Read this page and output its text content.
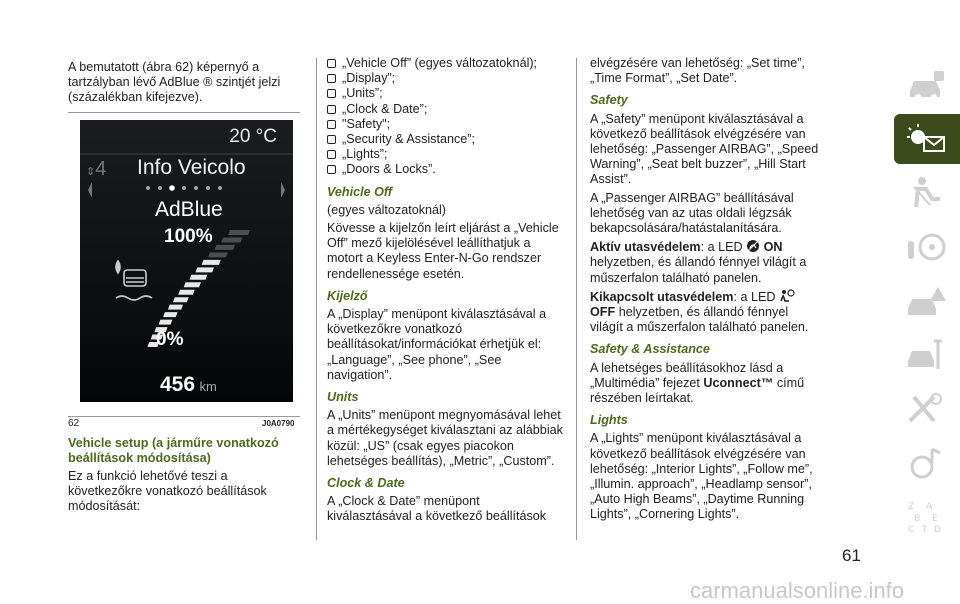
A bemutatott (ábra 62) képernyő a tartzályban lévő AdBlue ® szintjét jelzi (százalékban kifejezve).

20 °C
⇕4 Info Veicolo
AdBlue
100%
0%
456 km
62	J0A0790
Vehicle setup (a járműre vonatkozó beállítások módosítása)

Ez a funkció lehetővé teszi a következőkre vonatkozó beállítások módosítását:

„Vehicle Off” (egyes változatoknál);
„Display”;
„Units”;
„Clock & Date”;
"Safety";
„Security & Assistance”;
„Lights”;
„Doors & Locks”.
Vehicle Off

(egyes változatoknál)

Kövesse a kijelzőn leírt eljárást a „Vehicle Off” mező kijelölésével leállíthatjuk a motort a Keyless Enter-N-Go rendszer rendellenessége esetén.

Kijelző

A „Display” menüpont kiválasztásával a következőkre vonatkozó beállításokat/információkat érhetjük el: „Language”, „See phone”, „See navigation”.

Units

A „Units” menüpont megnyomásával lehet a mértékegységet kiválasztani az alábbiak közül: „US” (csak egyes piacokon lehetséges beállítás), „Metric”, „Custom”.

Clock & Date

A „Clock & Date” menüpont kiválasztásával a következő beállítások

elvégzésére van lehetőség: „Set time”, „Time Format”, „Set Date”.

Safety

A „Safety” menüpont kiválasztásával a következő beállítások elvégzésére van lehetőség: „Passenger AIRBAG”, „Speed Warning”, „Seat belt buzzer”, „Hill Start Assist”.

A „Passenger AIRBAG” beállításával lehetőség van az utas oldali légzsák bekapcsolására/hatástalanítására.

Aktív utasvédelem: a LED ON helyzetben, és állandó fénnyel világít a műszerfalon található panelen.

Kikapcsolt utasvédelem: a LED  OFF helyzetben, és állandó fénnyel világít a műszerfalon található panelen.

Safety & Assistance

A lehetséges beállításokhoz lásd a „Multimédia” fejezet Uconnect™ című részében leírtakat.

Lights

A „Lights” menüpont kiválasztásával a következő beállítások elvégzésére van lehetőség: „Interior Lights”, „Follow me”, „Illumin. approach”, „Headlamp sensor”, „Auto High Beams”, „Daytime Running Lights”, „Cornering Lights”.

Z A
B E
C T D
61
carmanualsonline.info
